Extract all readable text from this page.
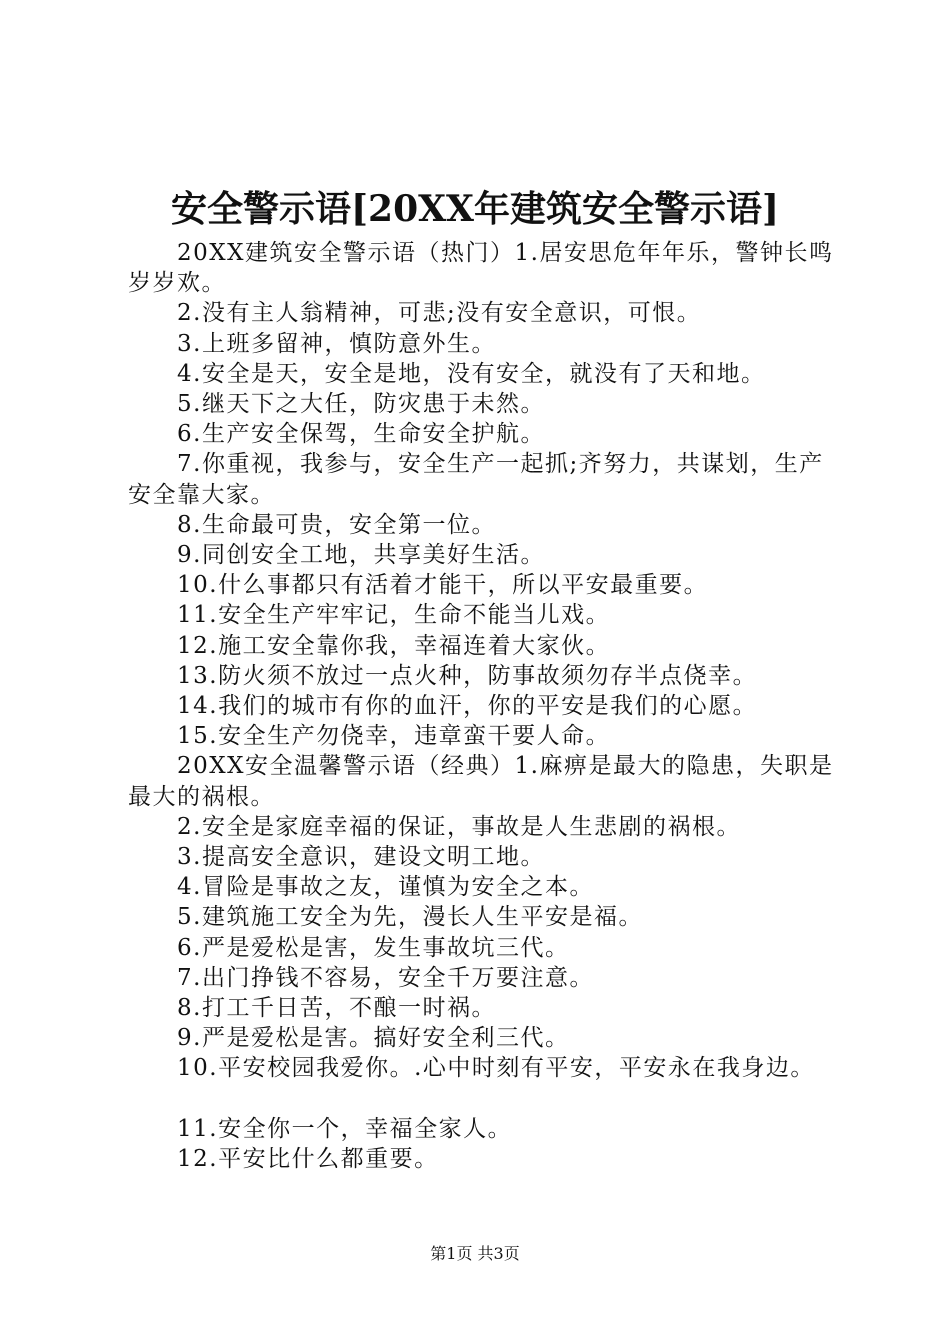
安全警示语[20XX年建筑安全警示语]

20XX建筑安全警示语（热门）1.居安思危年年乐，警钟长鸣岁岁欢。

2.没有主人翁精神，可悲;没有安全意识，可恨。

3.上班多留神，慎防意外生。

4.安全是天，安全是地，没有安全，就没有了天和地。

5.继天下之大任，防灾患于未然。

6.生产安全保驾，生命安全护航。

7.你重视，我参与，安全生产一起抓;齐努力，共谋划，生产安全靠大家。

8.生命最可贵，安全第一位。

9.同创安全工地，共享美好生活。

10.什么事都只有活着才能干，所以平安最重要。

11.安全生产牢牢记，生命不能当儿戏。

12.施工安全靠你我，幸福连着大家伙。

13.防火须不放过一点火种，防事故须勿存半点侥幸。

14.我们的城市有你的血汗，你的平安是我们的心愿。

15.安全生产勿侥幸，违章蛮干要人命。

20XX安全温馨警示语（经典）1.麻痹是最大的隐患，失职是最大的祸根。

2.安全是家庭幸福的保证，事故是人生悲剧的祸根。

3.提高安全意识，建设文明工地。

4.冒险是事故之友，谨慎为安全之本。

5.建筑施工安全为先，漫长人生平安是福。

6.严是爱松是害，发生事故坑三代。

7.出门挣钱不容易，安全千万要注意。

8.打工千日苦，不酿一时祸。

9.严是爱松是害。搞好安全利三代。

10.平安校园我爱你。.心中时刻有平安，平安永在我身边。

11.安全你一个，幸福全家人。

12.平安比什么都重要。

第1页 共3页
